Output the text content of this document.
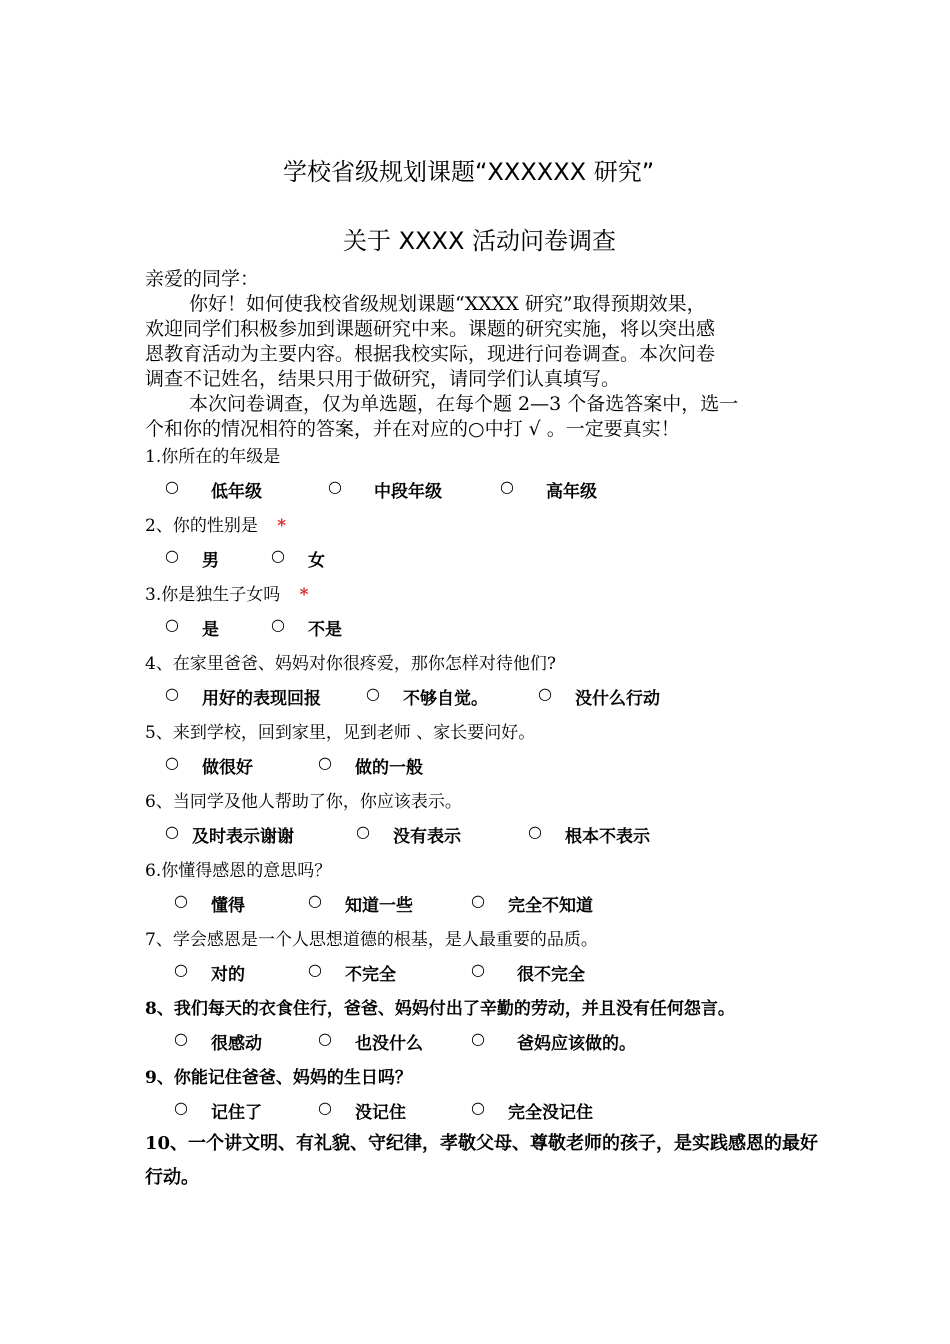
学校省级规划课题“XXXXXX 研究”
关于 XXXX 活动问卷调查
亲爱的同学：
你好！如何使我校省级规划课题“XXXX 研究”取得预期效果，
欢迎同学们积极参加到课题研究中来。课题的研究实施，将以突出感
恩教育活动为主要内容。根据我校实际，现进行问卷调查。本次问卷
调查不记姓名，结果只用于做研究，请同学们认真填写。
本次问卷调查，仅为单选题，在每个题 2—3 个备选答案中，选一
个和你的情况相符的答案，并在对应的○中打 √ 。一定要真实！
1.你所在的年级是
○ 低年级	○ 中段年级	○ 高年级
2、你的性别是 *
○ 男	○ 女
3.你是独生子女吗 *
○ 是	○ 不是
4、在家里爸爸、妈妈对你很疼爱，那你怎样对待他们?
○ 用好的表现回报	○ 不够自觉。	○ 没什么行动
5、来到学校，回到家里，见到老师 、家长要问好。
○ 做很好	○ 做的一般
6、当同学及他人帮助了你，你应该表示。
○ 及时表示谢谢	○ 没有表示	○ 根本不表示
6.你懂得感恩的意思吗？
○ 懂得	○ 知道一些	○ 完全不知道
7、学会感恩是一个人思想道德的根基，是人最重要的品质。
○ 对的	○ 不完全	○ 很不完全
8、我们每天的衣食住行，爸爸、妈妈付出了辛勤的劳动，并且没有任何怨言。
○ 很感动	○ 也没什么	○ 爸妈应该做的。
9、你能记住爸爸、妈妈的生日吗？
○ 记住了	○ 没记住	○ 完全没记住
10、一个讲文明、有礼貌、守纪律，孝敬父母、尊敬老师的孩子，是实践感恩的最好
行动。
